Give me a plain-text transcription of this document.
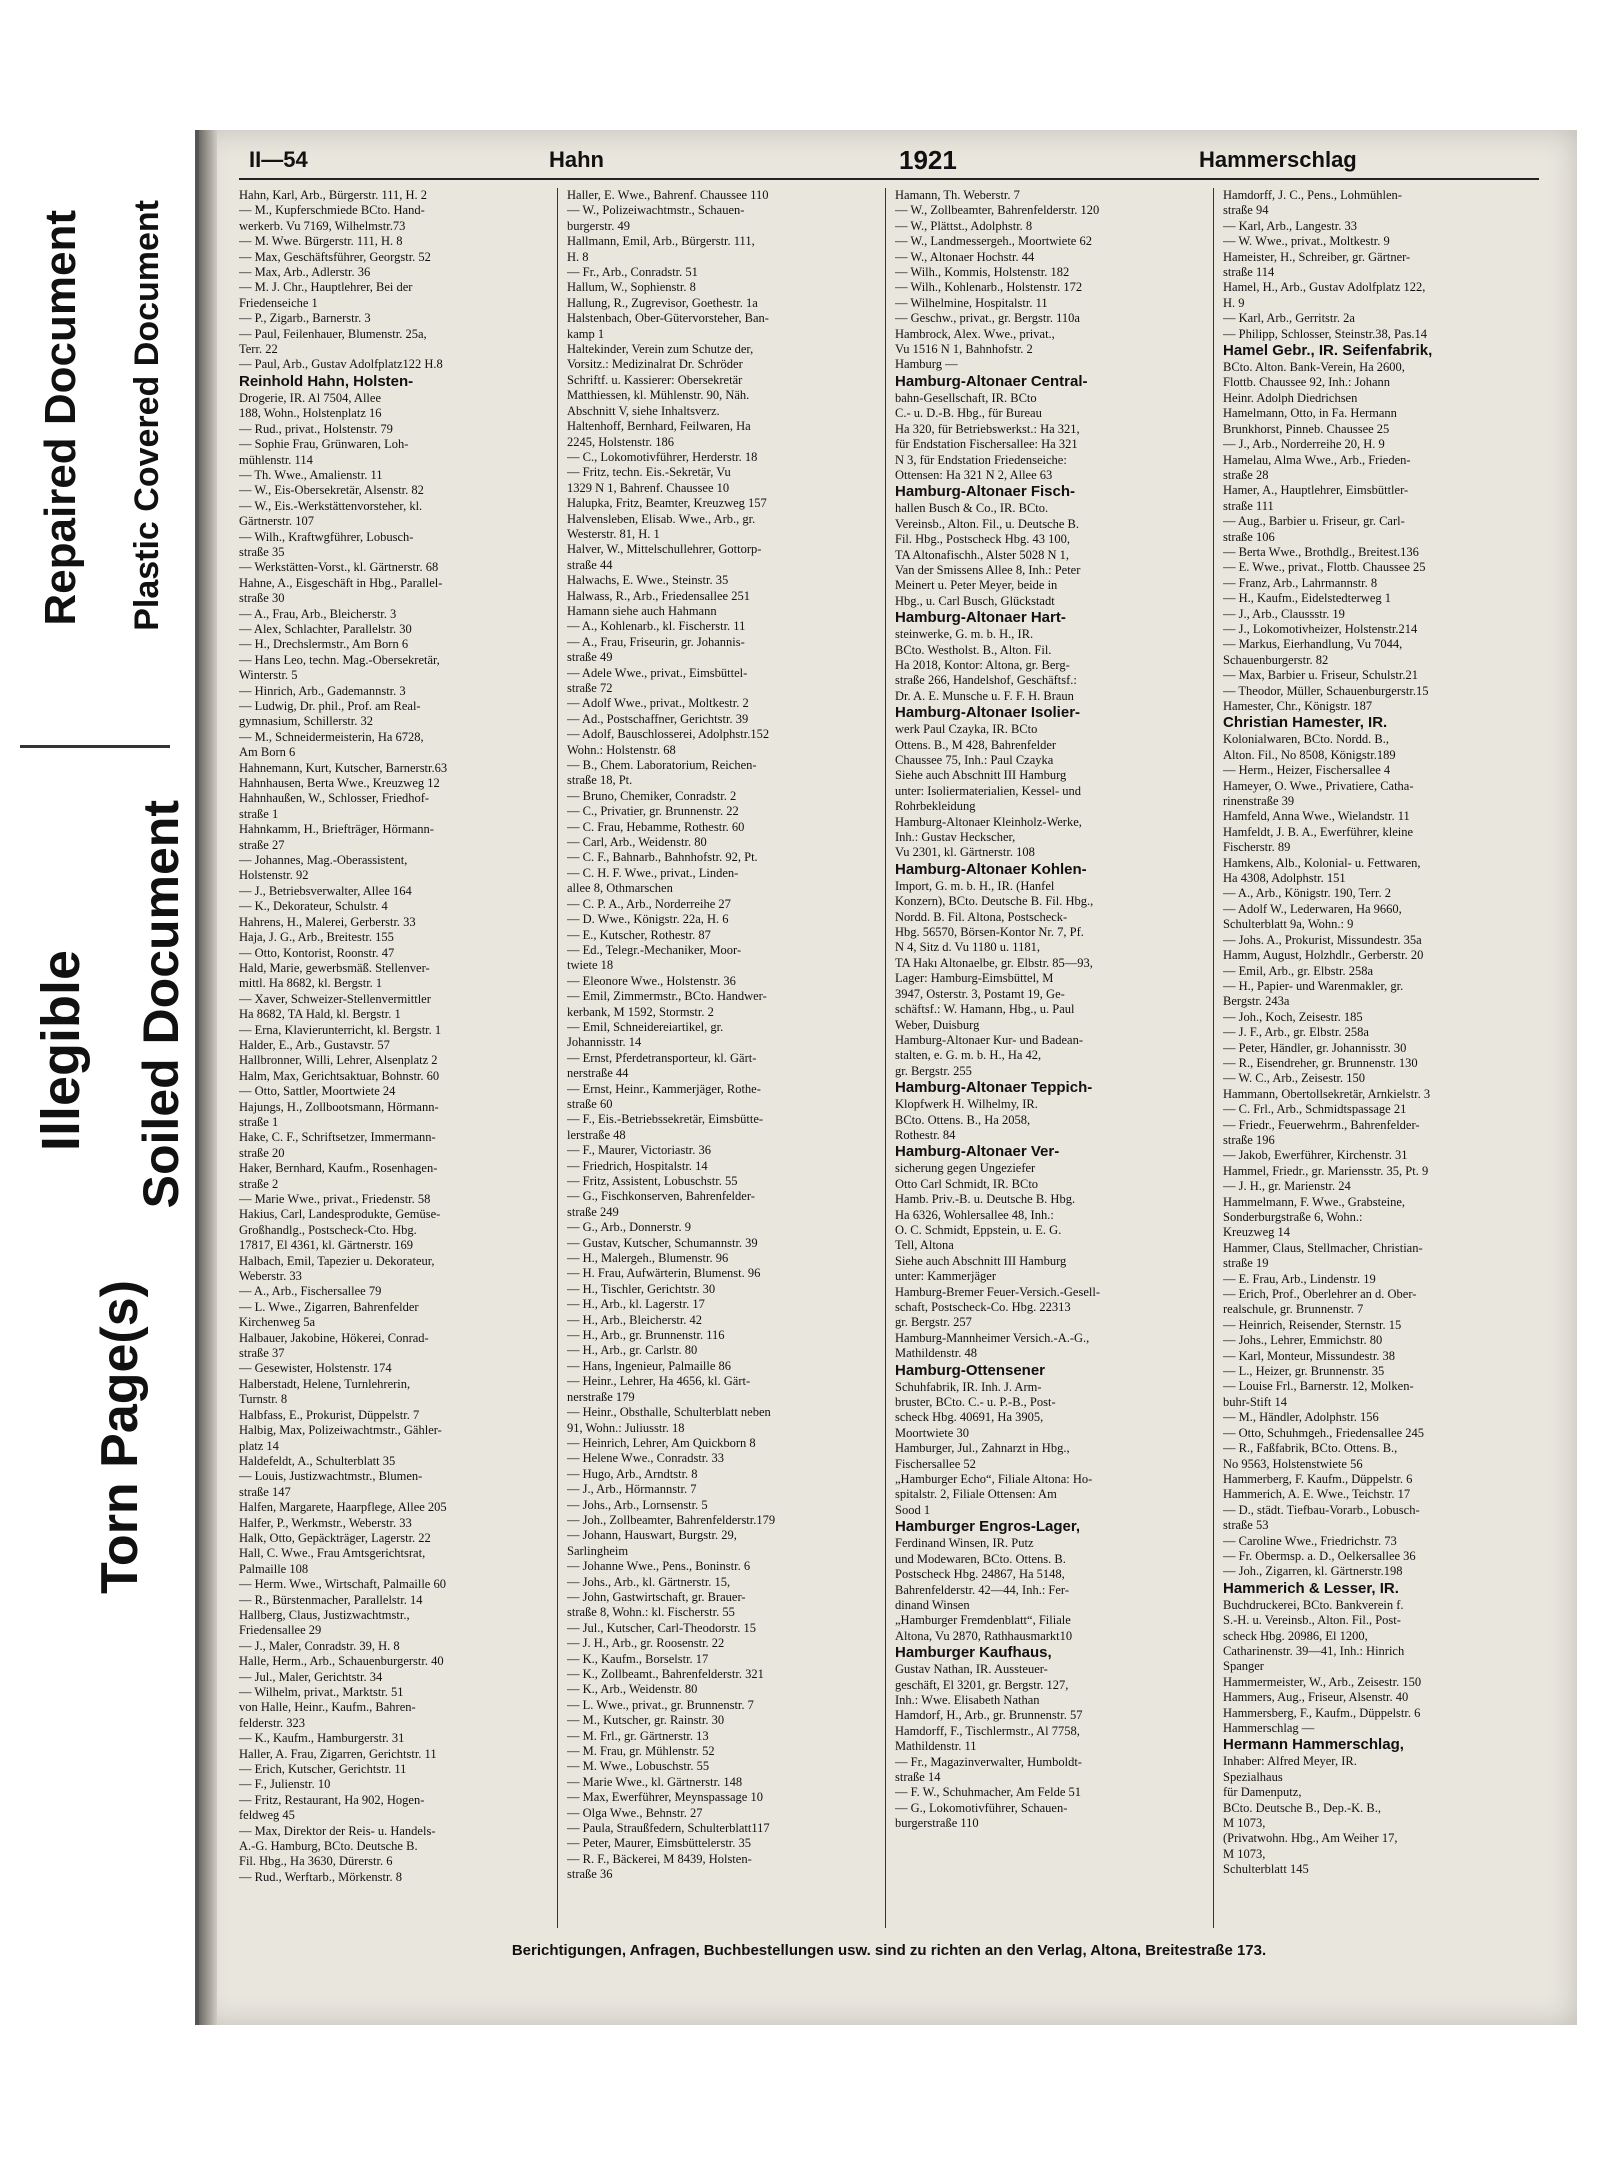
Repaired Document Plastic Covered Document
Illegible Soiled Document
Torn Page(s)
II—54	Hahn	1921	Hammerschlag
Hahn, Karl, Arb., Bürgerstr. 111, H. 2
— M., Kupferschmiede BCto. Hand-
werkerb. Vu 7169, Wilhelmstr.73
— M. Wwe. Bürgerstr. 111, H. 8
— Max, Geschäftsführer, Georgstr. 52
— Max, Arb., Adlerstr. 36
— M. J. Chr., Hauptlehrer, Bei der
Friedenseiche 1
— P., Zigarb., Barnerstr. 3
— Paul, Feilenhauer, Blumenstr. 25a,
Terr. 22
— Paul, Arb., Gustav Adolfplatz122 H.8
Reinhold Hahn, Holsten-
Drogerie, IR. Al 7504, Allee
188, Wohn., Holstenplatz 16
— Rud., privat., Holstenstr. 79
— Sophie Frau, Grünwaren, Loh-
mühlenstr. 114
— Th. Wwe., Amalienstr. 11
— W., Eis-Obersekretär, Alsenstr. 82
— W., Eis.-Werkstättenvorsteher, kl.
Gärtnerstr. 107
— Wilh., Kraftwgführer, Lobusch-
straße 35
— Werkstätten-Vorst., kl. Gärtnerstr. 68
Hahne, A., Eisgeschäft in Hbg., Parallel-
straße 30
— A., Frau, Arb., Bleicherstr. 3
— Alex, Schlachter, Parallelstr. 30
— H., Drechslermstr., Am Born 6
— Hans Leo, techn. Mag.-Obersekretär,
Winterstr. 5
— Hinrich, Arb., Gademannstr. 3
— Ludwig, Dr. phil., Prof. am Real-
gymnasium, Schillerstr. 32
— M., Schneidermeisterin, Ha 6728,
Am Born 6
Hahnemann, Kurt, Kutscher, Barnerstr.63
Hahnhausen, Berta Wwe., Kreuzweg 12
Hahnhaußen, W., Schlosser, Friedhof-
straße 1
Hahnkamm, H., Briefträger, Hörmann-
straße 27
— Johannes, Mag.-Oberassistent,
Holstenstr. 92
— J., Betriebsverwalter, Allee 164
— K., Dekorateur, Schulstr. 4
Hahrens, H., Malerei, Gerberstr. 33
Haja, J. G., Arb., Breitestr. 155
— Otto, Kontorist, Roonstr. 47
Hald, Marie, gewerbsmäß. Stellenver-
mittl. Ha 8682, kl. Bergstr. 1
— Xaver, Schweizer-Stellenvermittler
Ha 8682, TA Hald, kl. Bergstr. 1
— Erna, Klavierunterricht, kl. Bergstr. 1
Halder, E., Arb., Gustavstr. 57
Hallbronner, Willi, Lehrer, Alsenplatz 2
Halm, Max, Gerichtsaktuar, Bohnstr. 60
— Otto, Sattler, Moortwiete 24
Hajungs, H., Zollbootsmann, Hörmann-
straße 1
Hake, C. F., Schriftsetzer, Immermann-
straße 20
Haker, Bernhard, Kaufm., Rosenhagen-
straße 2
— Marie Wwe., privat., Friedenstr. 58
Hakius, Carl, Landesprodukte, Gemüse-
Großhandlg., Postscheck-Cto. Hbg.
17817, El 4361, kl. Gärtnerstr. 169
Halbach, Emil, Tapezier u. Dekorateur,
Weberstr. 33
— A., Arb., Fischersallee 79
— L. Wwe., Zigarren, Bahrenfelder
Kirchenweg 5a
Halbauer, Jakobine, Hökerei, Conrad-
straße 37
— Gesewister, Holstenstr. 174
Halberstadt, Helene, Turnlehrerin,
Turnstr. 8
Halbfass, E., Prokurist, Düppelstr. 7
Halbig, Max, Polizeiwachtmstr., Gähler-
platz 14
Haldefeldt, A., Schulterblatt 35
— Louis, Justizwachtmstr., Blumen-
straße 147
Halfen, Margarete, Haarpflege, Allee 205
Halfer, P., Werkmstr., Weberstr. 33
Halk, Otto, Gepäckträger, Lagerstr. 22
Hall, C. Wwe., Frau Amtsgerichtsrat,
Palmaille 108
— Herm. Wwe., Wirtschaft, Palmaille 60
— R., Bürstenmacher, Parallelstr. 14
Hallberg, Claus, Justizwachtmstr.,
Friedensallee 29
— J., Maler, Conradstr. 39, H. 8
Halle, Herm., Arb., Schauenburgerstr. 40
— Jul., Maler, Gerichtstr. 34
— Wilhelm, privat., Marktstr. 51
von Halle, Heinr., Kaufm., Bahren-
felderstr. 323
— K., Kaufm., Hamburgerstr. 31
Haller, A. Frau, Zigarren, Gerichtstr. 11
— Erich, Kutscher, Gerichtstr. 11
— F., Julienstr. 10
— Fritz, Restaurant, Ha 902, Hogen-
feldweg 45
— Max, Direktor der Reis- u. Handels-
A.-G. Hamburg, BCto. Deutsche B.
Fil. Hbg., Ha 3630, Dürerstr. 6
— Rud., Werftarb., Mörkenstr. 8
Haller, E. Wwe., Bahrenf. Chaussee 110
— W., Polizeiwachtmstr., Schauen-
burgerstr. 49
Hallmann, Emil, Arb., Bürgerstr. 111,
H. 8
— Fr., Arb., Conradstr. 51
Hallum, W., Sophienstr. 8
Hallung, R., Zugrevisor, Goethestr. 1a
Halstenbach, Ober-Gütervorsteher, Ban-
kamp 1
Haltekinder, Verein zum Schutze der,
Vorsitz.: Medizinalrat Dr. Schröder
Schriftf. u. Kassierer: Obersekretär
Matthiessen, kl. Mühlenstr. 90, Näh.
Abschnitt V, siehe Inhaltsverz.
Haltenhoff, Bernhard, Feilwaren, Ha
2245, Holstenstr. 186
— C., Lokomotivführer, Herderstr. 18
— Fritz, techn. Eis.-Sekretär, Vu
1329 N 1, Bahrenf. Chaussee 10
Halupka, Fritz, Beamter, Kreuzweg 157
Halvensleben, Elisab. Wwe., Arb., gr.
Westerstr. 81, H. 1
Halver, W., Mittelschullehrer, Gottorp-
straße 44
Halwachs, E. Wwe., Steinstr. 35
Halwass, R., Arb., Friedensallee 251
Hamann siehe auch Hahmann
— A., Kohlenarb., kl. Fischerstr. 11
— A., Frau, Friseurin, gr. Johannis-
straße 49
— Adele Wwe., privat., Eimsbüttel-
straße 72
— Adolf Wwe., privat., Moltkestr. 2
— Ad., Postschaffner, Gerichtstr. 39
— Adolf, Bauschlosserei, Adolphstr.152
Wohn.: Holstenstr. 68
— B., Chem. Laboratorium, Reichen-
straße 18, Pt.
— Bruno, Chemiker, Conradstr. 2
— C., Privatier, gr. Brunnenstr. 22
— C. Frau, Hebamme, Rothestr. 60
— Carl, Arb., Weidenstr. 80
— C. F., Bahnarb., Bahnhofstr. 92, Pt.
— C. H. F. Wwe., privat., Linden-
allee 8, Othmarschen
— C. P. A., Arb., Norderreihe 27
— D. Wwe., Königstr. 22a, H. 6
— E., Kutscher, Rothestr. 87
— Ed., Telegr.-Mechaniker, Moor-
twiete 18
— Eleonore Wwe., Holstenstr. 36
— Emil, Zimmermstr., BCto. Handwer-
kerbank, M 1592, Stormstr. 2
— Emil, Schneidereiartikel, gr.
Johannisstr. 14
— Ernst, Pferdetransporteur, kl. Gärt-
nerstraße 44
— Ernst, Heinr., Kammerjäger, Rothe-
straße 60
— F., Eis.-Betriebssekretär, Eimsbütte-
lerstraße 48
— F., Maurer, Victoriastr. 36
— Friedrich, Hospitalstr. 14
— Fritz, Assistent, Lobuschstr. 55
— G., Fischkonserven, Bahrenfelder-
straße 249
— G., Arb., Donnerstr. 9
— Gustav, Kutscher, Schumannstr. 39
— H., Malergeh., Blumenstr. 96
— H. Frau, Aufwärterin, Blumenst. 96
— H., Tischler, Gerichtstr. 30
— H., Arb., kl. Lagerstr. 17
— H., Arb., Bleicherstr. 42
— H., Arb., gr. Brunnenstr. 116
— H., Arb., gr. Carlstr. 80
— Hans, Ingenieur, Palmaille 86
— Heinr., Lehrer, Ha 4656, kl. Gärt-
nerstraße 179
— Heinr., Obsthalle, Schulterblatt neben
91, Wohn.: Juliusstr. 18
— Heinrich, Lehrer, Am Quickborn 8
— Helene Wwe., Conradstr. 33
— Hugo, Arb., Arndtstr. 8
— J., Arb., Hörmannstr. 7
— Johs., Arb., Lornsenstr. 5
— Joh., Zollbeamter, Bahrenfelderstr.179
— Johann, Hauswart, Burgstr. 29,
Sarlingheim
— Johanne Wwe., Pens., Boninstr. 6
— Johs., Arb., kl. Gärtnerstr. 15,
— John, Gastwirtschaft, gr. Brauer-
straße 8, Wohn.: kl. Fischerstr. 55
— Jul., Kutscher, Carl-Theodorstr. 15
— J. H., Arb., gr. Roosenstr. 22
— K., Kaufm., Borselstr. 17
— K., Zollbeamt., Bahrenfelderstr. 321
— K., Arb., Weidenstr. 80
— L. Wwe., privat., gr. Brunnenstr. 7
— M., Kutscher, gr. Rainstr. 30
— M. Frl., gr. Gärtnerstr. 13
— M. Frau, gr. Mühlenstr. 52
— M. Wwe., Lobuschstr. 55
— Marie Wwe., kl. Gärtnerstr. 148
— Max, Ewerführer, Meynspassage 10
— Olga Wwe., Behnstr. 27
— Paula, Straußfedern, Schulterblatt117
— Peter, Maurer, Eimsbüttelerstr. 35
— R. F., Bäckerei, M 8439, Holsten-
straße 36
Hamann, Th. Weberstr. 7
— W., Zollbeamter, Bahrenfelderstr. 120
— W., Plättst., Adolphstr. 8
— W., Landmessergeh., Moortwiete 62
— W., Altonaer Hochstr. 44
— Wilh., Kommis, Holstenstr. 182
— Wilh., Kohlenarb., Holstenstr. 172
— Wilhelmine, Hospitalstr. 11
— Geschw., privat., gr. Bergstr. 110a
Hambrock, Alex. Wwe., privat.,
Vu 1516 N 1, Bahnhofstr. 2
Hamburg —
Hamburg-Altonaer Central-
bahn-Gesellschaft, IR. BCto
C.- u. D.-B. Hbg., für Bureau
Ha 320, für Betriebswerkst.: Ha 321,
für Endstation Fischersallee: Ha 321
N 3, für Endstation Friedenseiche:
Ottensen: Ha 321 N 2, Allee 63
Hamburg-Altonaer Fisch-
hallen Busch & Co., IR. BCto.
Vereinsb., Alton. Fil., u. Deutsche B.
Fil. Hbg., Postscheck Hbg. 43 100,
TA Altonafischh., Alster 5028 N 1,
Van der Smissens Allee 8, Inh.: Peter
Meinert u. Peter Meyer, beide in
Hbg., u. Carl Busch, Glückstadt
Hamburg-Altonaer Hart-
steinwerke, G. m. b. H., IR.
BCto. Westholst. B., Alton. Fil.
Ha 2018, Kontor: Altona, gr. Berg-
straße 266, Handelshof, Geschäftsf.:
Dr. A. E. Munsche u. F. F. H. Braun
Hamburg-Altonaer Isolier-
werk Paul Czayka, IR. BCto
Ottens. B., M 428, Bahrenfelder
Chaussee 75, Inh.: Paul Czayka
Siehe auch Abschnitt III Hamburg
unter: Isoliermaterialien, Kessel- und
Rohrbekleidung
Hamburg-Altonaer Kleinholz-Werke,
Inh.: Gustav Heckscher,
Vu 2301, kl. Gärtnerstr. 108
Hamburg-Altonaer Kohlen-
Import, G. m. b. H., IR. (Hanfel
Konzern), BCto. Deutsche B. Fil. Hbg.,
Nordd. B. Fil. Altona, Postscheck-
Hbg. 56570, Börsen-Kontor Nr. 7, Pf.
N 4, Sitz d. Vu 1180 u. 1181,
TA Hakı Altonaelbe, gr. Elbstr. 85—93,
Lager: Hamburg-Eimsbüttel, M
3947, Osterstr. 3, Postamt 19, Ge-
schäftsf.: W. Hamann, Hbg., u. Paul
Weber, Duisburg
Hamburg-Altonaer Kur- und Badean-
stalten, e. G. m. b. H., Ha 42,
gr. Bergstr. 255
Hamburg-Altonaer Teppich-
Klopfwerk H. Wilhelmy, IR.
BCto. Ottens. B., Ha 2058,
Rothestr. 84
Hamburg-Altonaer Ver-
sicherung gegen Ungeziefer
Otto Carl Schmidt, IR. BCto
Hamb. Priv.-B. u. Deutsche B. Hbg.
Ha 6326, Wohlersallee 48, Inh.:
O. C. Schmidt, Eppstein, u. E. G.
Tell, Altona
Siehe auch Abschnitt III Hamburg
unter: Kammerjäger
Hamburg-Bremer Feuer-Versich.-Gesell-
schaft, Postscheck-Co. Hbg. 22313
gr. Bergstr. 257
Hamburg-Mannheimer Versich.-A.-G.,
Mathildenstr. 48
Hamburg-Ottensener
Schuhfabrik, IR. Inh. J. Arm-
bruster, BCto. C.- u. P.-B., Post-
scheck Hbg. 40691, Ha 3905,
Moortwiete 30
Hamburger, Jul., Zahnarzt in Hbg.,
Fischersallee 52
„Hamburger Echo“, Filiale Altona: Ho-
spitalstr. 2, Filiale Ottensen: Am
Sood 1
Hamburger Engros-Lager,
Ferdinand Winsen, IR. Putz
und Modewaren, BCto. Ottens. B.
Postscheck Hbg. 24867, Ha 5148,
Bahrenfelderstr. 42—44, Inh.: Fer-
dinand Winsen
„Hamburger Fremdenblatt“, Filiale
Altona, Vu 2870, Rathhausmarkt10
Hamburger Kaufhaus,
Gustav Nathan, IR. Aussteuer-
geschäft, El 3201, gr. Bergstr. 127,
Inh.: Wwe. Elisabeth Nathan
Hamdorf, H., Arb., gr. Brunnenstr. 57
Hamdorff, F., Tischlermstr., Al 7758,
Mathildenstr. 11
— Fr., Magazinverwalter, Humboldt-
straße 14
— F. W., Schuhmacher, Am Felde 51
— G., Lokomotivführer, Schauen-
burgerstraße 110
Hamdorff, J. C., Pens., Lohmühlen-
straße 94
— Karl, Arb., Langestr. 33
— W. Wwe., privat., Moltkestr. 9
Hameister, H., Schreiber, gr. Gärtner-
straße 114
Hamel, H., Arb., Gustav Adolfplatz 122,
H. 9
— Karl, Arb., Gerritstr. 2a
— Philipp, Schlosser, Steinstr.38, Pas.14
Hamel Gebr., IR. Seifenfabrik,
BCto. Alton. Bank-Verein, Ha 2600,
Flottb. Chaussee 92, Inh.: Johann
Heinr. Adolph Diedrichsen
Hamelmann, Otto, in Fa. Hermann
Brunkhorst, Pinneb. Chaussee 25
— J., Arb., Norderreihe 20, H. 9
Hamelau, Alma Wwe., Arb., Frieden-
straße 28
Hamer, A., Hauptlehrer, Eimsbüttler-
straße 111
— Aug., Barbier u. Friseur, gr. Carl-
straße 106
— Berta Wwe., Brothdlg., Breitest.136
— E. Wwe., privat., Flottb. Chaussee 25
— Franz, Arb., Lahrmannstr. 8
— H., Kaufm., Eidelstedterweg 1
— J., Arb., Claussstr. 19
— J., Lokomotivheizer, Holstenstr.214
— Markus, Eierhandlung, Vu 7044,
Schauenburgerstr. 82
— Max, Barbier u. Friseur, Schulstr.21
— Theodor, Müller, Schauenburgerstr.15
Hamester, Chr., Königstr. 187
Christian Hamester, IR.
Kolonialwaren, BCto. Nordd. B.,
Alton. Fil., No 8508, Königstr.189
— Herm., Heizer, Fischersallee 4
Hameyer, O. Wwe., Privatiere, Catha-
rinenstraße 39
Hamfeld, Anna Wwe., Wielandstr. 11
Hamfeldt, J. B. A., Ewerführer, kleine
Fischerstr. 89
Hamkens, Alb., Kolonial- u. Fettwaren,
Ha 4308, Adolphstr. 151
— A., Arb., Königstr. 190, Terr. 2
— Adolf W., Lederwaren, Ha 9660,
Schulterblatt 9a, Wohn.: 9
— Johs. A., Prokurist, Missundestr. 35a
Hamm, August, Holzhdlr., Gerberstr. 20
— Emil, Arb., gr. Elbstr. 258a
— H., Papier- und Warenmakler, gr.
Bergstr. 243a
— Joh., Koch, Zeisestr. 185
— J. F., Arb., gr. Elbstr. 258a
— Peter, Händler, gr. Johannisstr. 30
— R., Eisendreher, gr. Brunnenstr. 130
— W. C., Arb., Zeisestr. 150
Hammann, Obertollsekretär, Arnkielstr. 3
— C. Frl., Arb., Schmidtspassage 21
— Friedr., Feuerwehrm., Bahrenfelder-
straße 196
— Jakob, Ewerführer, Kirchenstr. 31
Hammel, Friedr., gr. Mariensstr. 35, Pt. 9
— J. H., gr. Marienstr. 24
Hammelmann, F. Wwe., Grabsteine,
Sonderburgstraße 6, Wohn.:
Kreuzweg 14
Hammer, Claus, Stellmacher, Christian-
straße 19
— E. Frau, Arb., Lindenstr. 19
— Erich, Prof., Oberlehrer an d. Ober-
realschule, gr. Brunnenstr. 7
— Heinrich, Reisender, Sternstr. 15
— Johs., Lehrer, Emmichstr. 80
— Karl, Monteur, Missundestr. 38
— L., Heizer, gr. Brunnenstr. 35
— Louise Frl., Barnerstr. 12, Molken-
buhr-Stift 14
— M., Händler, Adolphstr. 156
— Otto, Schuhmgeh., Friedensallee 245
— R., Faßfabrik, BCto. Ottens. B.,
No 9563, Holstenstwiete 56
Hammerberg, F. Kaufm., Düppelstr. 6
Hammerich, A. E. Wwe., Teichstr. 17
— D., städt. Tiefbau-Vorarb., Lobusch-
straße 53
— Caroline Wwe., Friedrichstr. 73
— Fr. Obermsp. a. D., Oelkersallee 36
— Joh., Zigarren, kl. Gärtnerstr.198
Hammerich & Lesser, IR.
Buchdruckerei, BCto. Bankverein f.
S.-H. u. Vereinsb., Alton. Fil., Post-
scheck Hbg. 20986, El 1200,
Catharinenstr. 39—41, Inh.: Hinrich
Spanger
Hammermeister, W., Arb., Zeisestr. 150
Hammers, Aug., Friseur, Alsenstr. 40
Hammersberg, F., Kaufm., Düppelstr. 6
Hammerschlag —
Hermann Hammerschlag,
Inhaber: Alfred Meyer, IR.
Spezialhaus
für Damenputz,
BCto. Deutsche B., Dep.-K. B.,
M 1073,
(Privatwohn. Hbg., Am Weiher 17,
M 1073,
Schulterblatt 145
Berichtigungen, Anfragen, Buchbestellungen usw. sind zu richten an den Verlag, Altona, Breitestraße 173.
